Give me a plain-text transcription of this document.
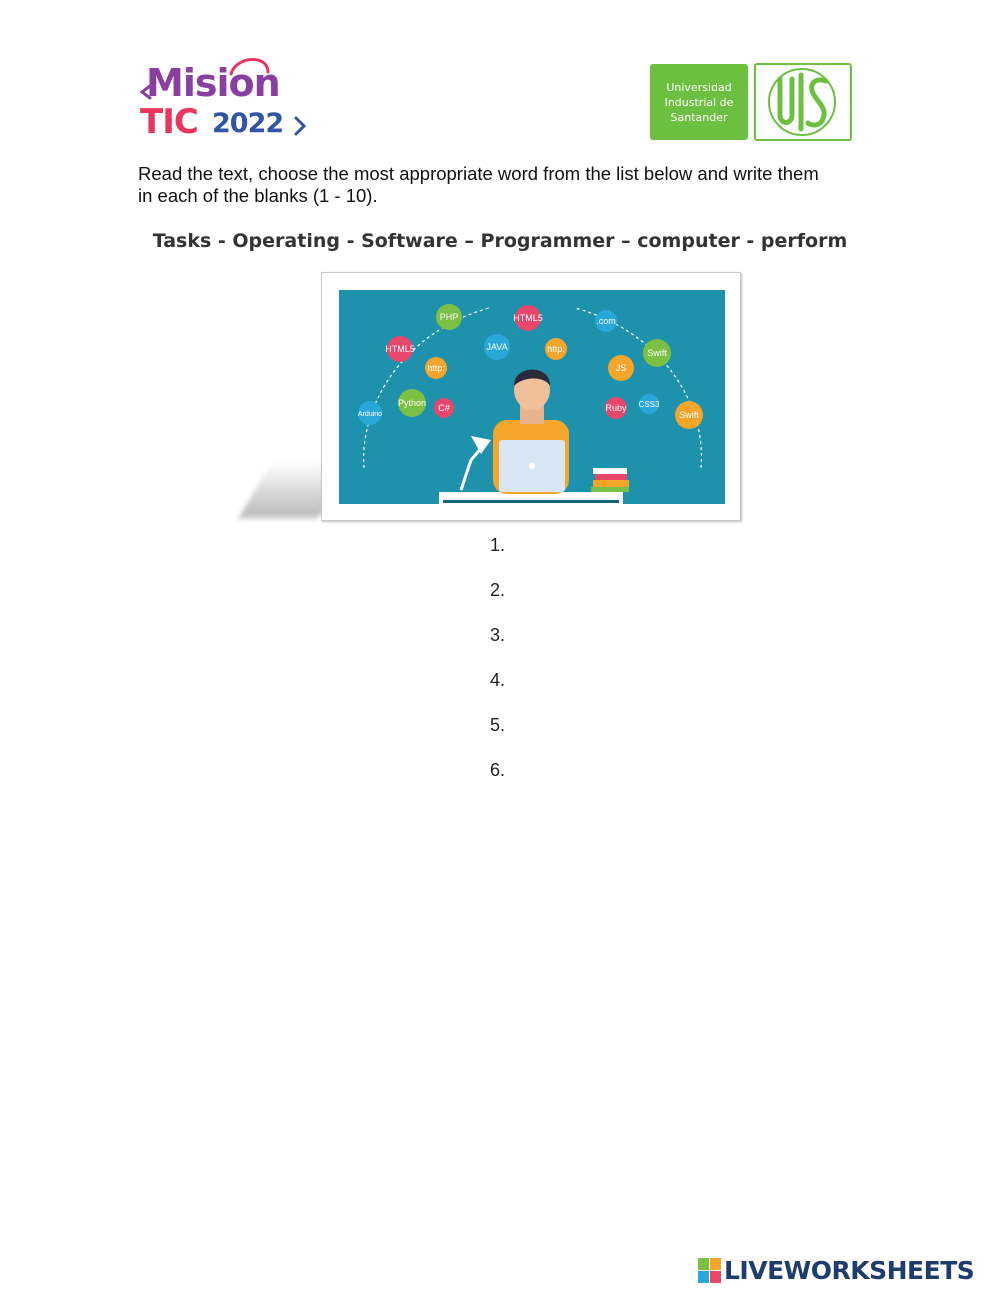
Mision
TIC 2022
Universidad
Industrial de
Santander
Read the text, choose the most appropriate word from the list below and write them
in each of the blanks (1 - 10).
Tasks - Operating - Software – Programmer – computer - perform
PHP	HTML5
HTML5	JAVA
http:
http:
.com
Swift
JS
Python C#
Arduino
Ruby CSS3
Swift
1.
2.
3.
4.
5.
6.
LIVEWORKSHEETS
